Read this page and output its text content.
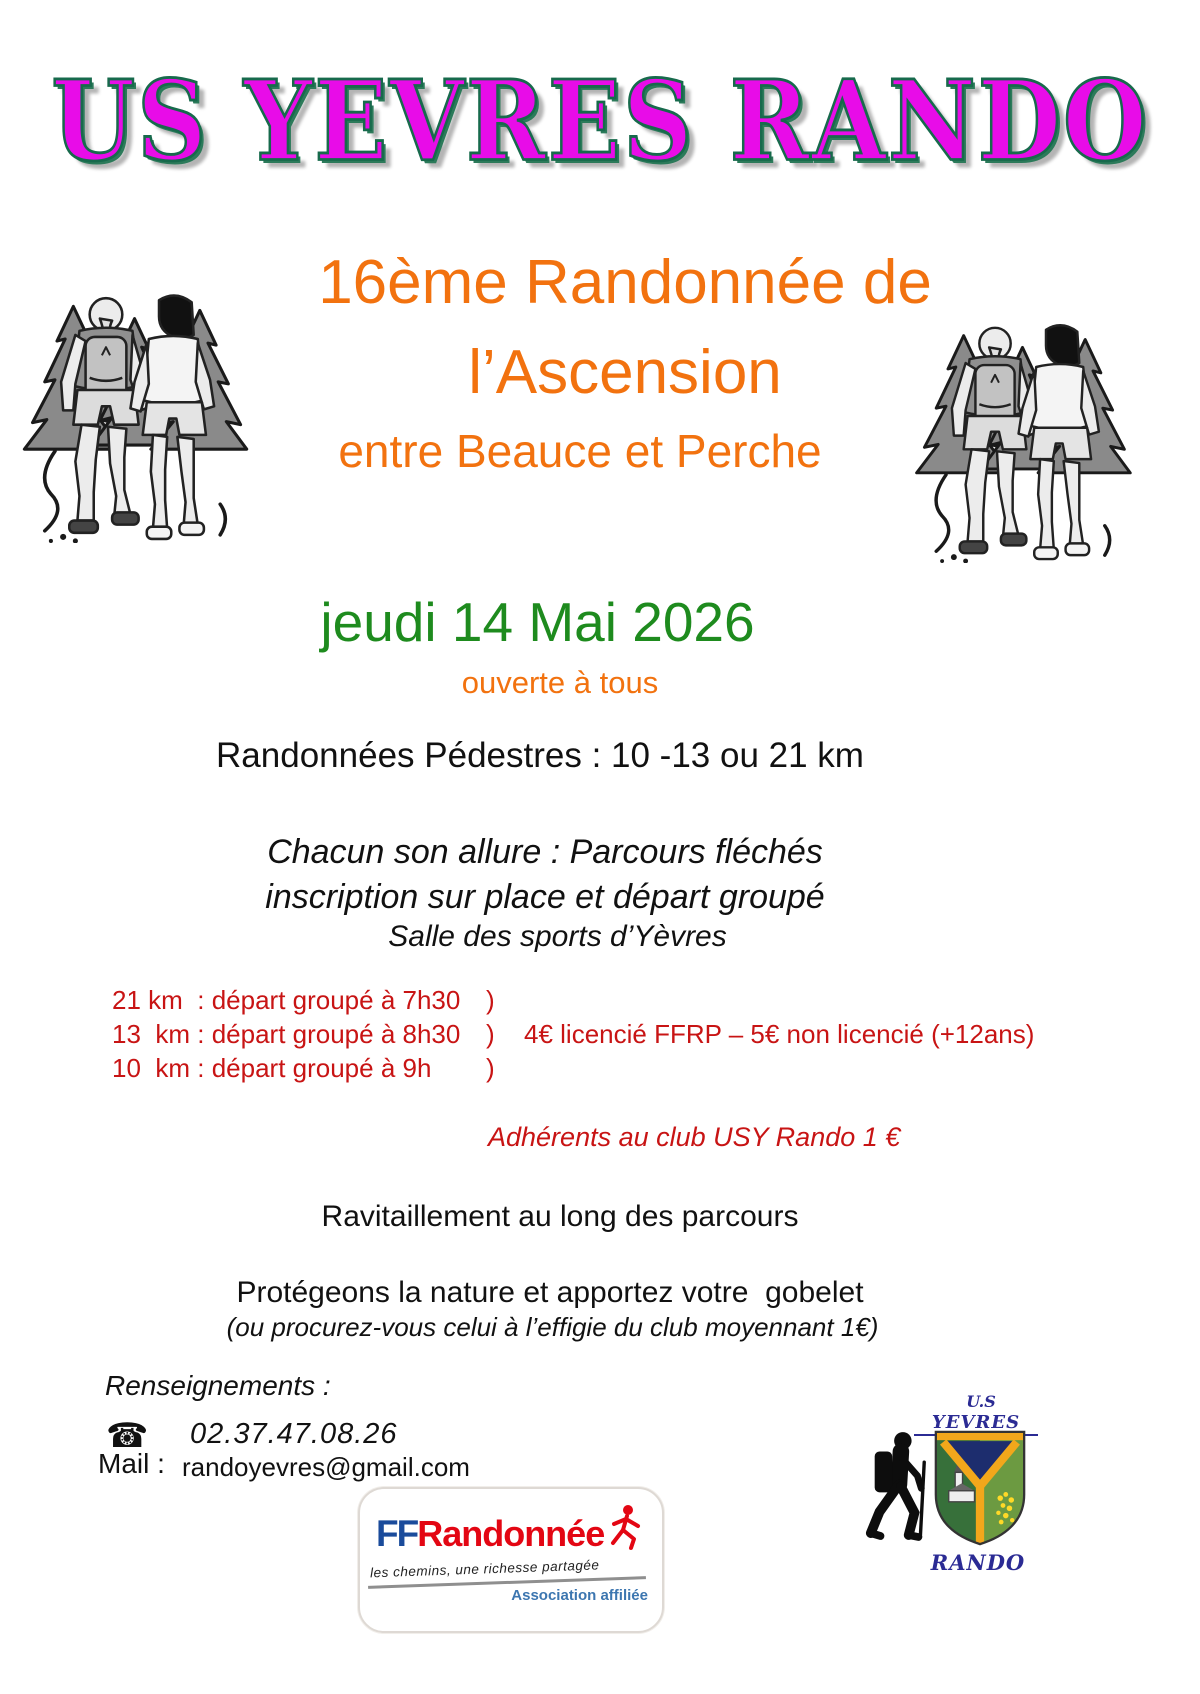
US YEVRES RANDO
16ème Randonnée de
l’Ascension
entre Beauce et Perche
jeudi 14 Mai 2026
ouverte à tous
Randonnées Pédestres : 10 -13 ou 21 km
Chacun son allure : Parcours fléchés
inscription sur place et départ groupé
Salle des sports d’Yèvres
21 km  : départ groupé à 7h30 )
13  km : départ groupé à 8h30 ) 4€ licencié FFRP – 5€ non licencié (+12ans)
10  km : départ groupé à 9h )
Adhérents au club USY Rando 1 €
Ravitaillement au long des parcours
Protégeons la nature et apportez votre  gobelet
(ou procurez-vous celui à l’effigie du club moyennant 1€)
Renseignements :
☎ 02.37.47.08.26
Mail : randoyevres@gmail.com
FFRandonnée
les chemins, une richesse partagée
Association affiliée
U.S
YEVRES
RANDO
